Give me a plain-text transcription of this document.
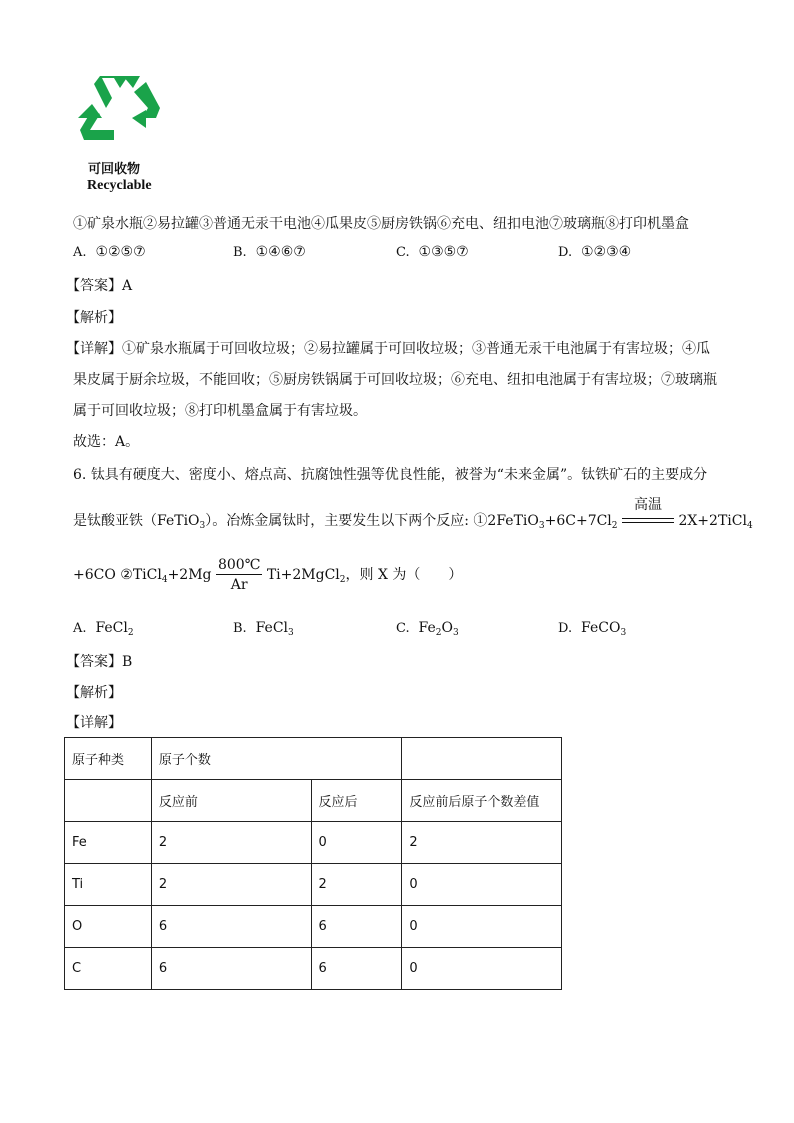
可回收物
Recyclable
①矿泉水瓶②易拉罐③普通无汞干电池④瓜果皮⑤厨房铁锅⑥充电、纽扣电池⑦玻璃瓶⑧打印机墨盒
A. ①②⑤⑦	B. ①④⑥⑦	C. ①③⑤⑦	D. ①②③④
【答案】A
【解析】
【详解】①矿泉水瓶属于可回收垃圾；②易拉罐属于可回收垃圾；③普通无汞干电池属于有害垃圾；④瓜
果皮属于厨余垃圾，不能回收；⑤厨房铁锅属于可回收垃圾；⑥充电、纽扣电池属于有害垃圾；⑦玻璃瓶
属于可回收垃圾；⑧打印机墨盒属于有害垃圾。
故选：A。
6. 钛具有硬度大、密度小、熔点高、抗腐蚀性强等优良性能，被誉为“未来金属”。钛铁矿石的主要成分
是钛酸亚铁（FeTiO$_3$）。冶炼金属钛时，主要发生以下两个反应: $①2FeTiO_3+6C+7Cl_2$
高温
2X+2TiCl$_4$
+6CO ②TiCl$_4$+2Mg $\frac{800℃}{Ar}$ Ti+2MgCl$_2$，则 X 为（　　）
A. FeCl$_2$	B. FeCl$_3$	C. $Fe_2O_3$	D. FeCO$_3$
【答案】B
【解析】
【详解】
原子种类	原子个数		
	反应前	反应后	反应前后原子个数差值
Fe	2	0	2
Ti	2	2	0
O	6	6	0
C	6	6	0
